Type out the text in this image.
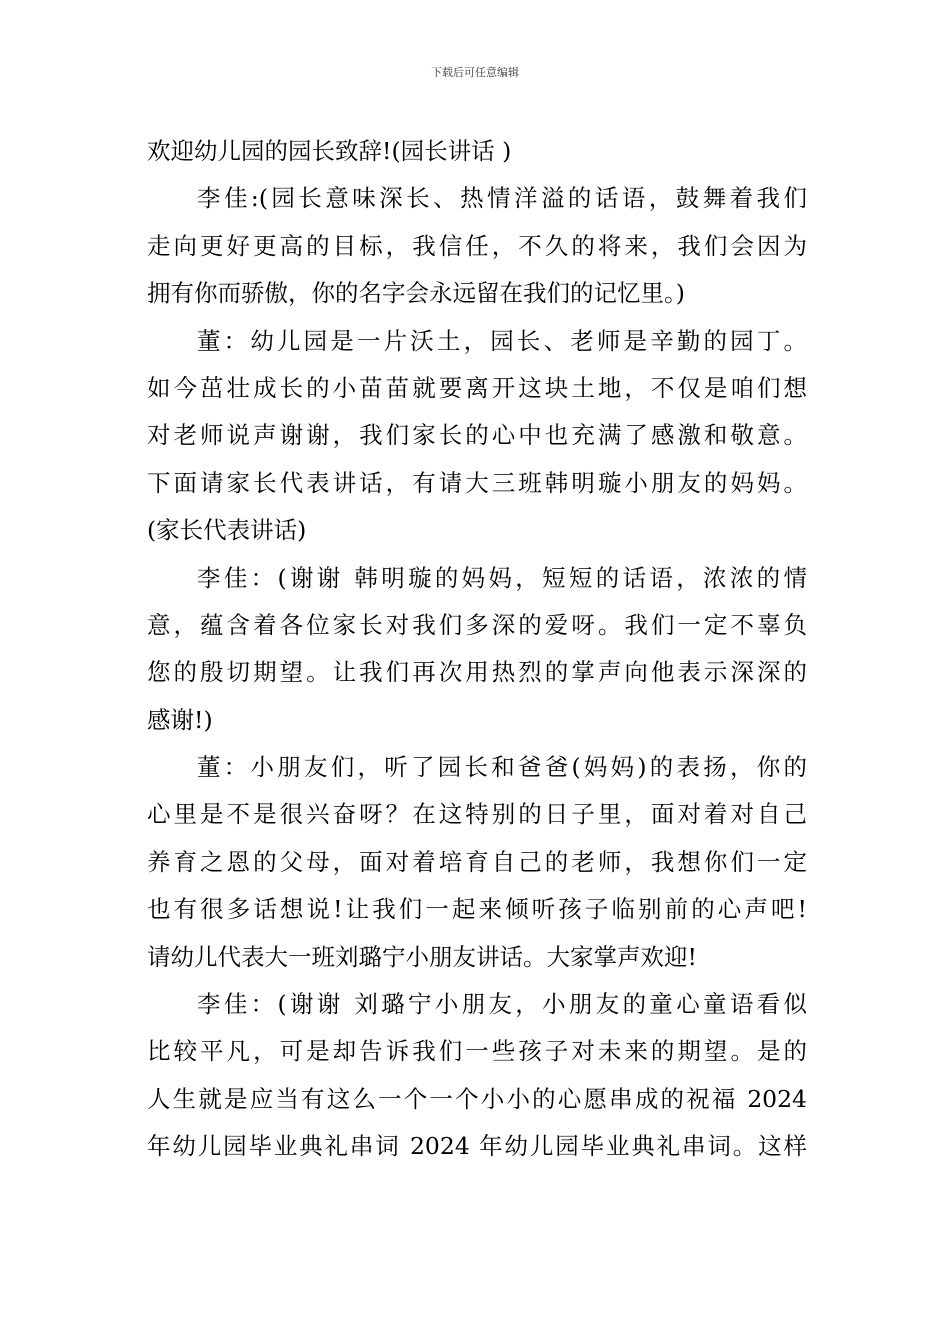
下载后可任意编辑
欢迎幼儿园的园长致辞!(园长讲话 )
李佳:(园长意味深长、热情洋溢的话语，鼓舞着我们
走向更好更高的目标，我信任，不久的将来，我们会因为
拥有你而骄傲，你的名字会永远留在我们的记忆里。)
董：幼儿园是一片沃土，园长、老师是辛勤的园丁。
如今茁壮成长的小苗苗就要离开这块土地，不仅是咱们想
对老师说声谢谢，我们家长的心中也充满了感激和敬意。
下面请家长代表讲话，有请大三班韩明璇小朋友的妈妈。
(家长代表讲话)
李佳：(谢谢 韩明璇的妈妈，短短的话语，浓浓的情
意，蕴含着各位家长对我们多深的爱呀。我们一定不辜负
您的殷切期望。让我们再次用热烈的掌声向他表示深深的
感谢!)
董：小朋友们，听了园长和爸爸(妈妈)的表扬，你的
心里是不是很兴奋呀？在这特别的日子里，面对着对自己
养育之恩的父母，面对着培育自己的老师，我想你们一定
也有很多话想说!让我们一起来倾听孩子临别前的心声吧!
请幼儿代表大一班刘璐宁小朋友讲话。大家掌声欢迎!
李佳：(谢谢 刘璐宁小朋友，小朋友的童心童语看似
比较平凡，可是却告诉我们一些孩子对未来的期望。是的
人生就是应当有这么一个一个小小的心愿串成的祝福 2024
年幼儿园毕业典礼串词 2024 年幼儿园毕业典礼串词。这样
